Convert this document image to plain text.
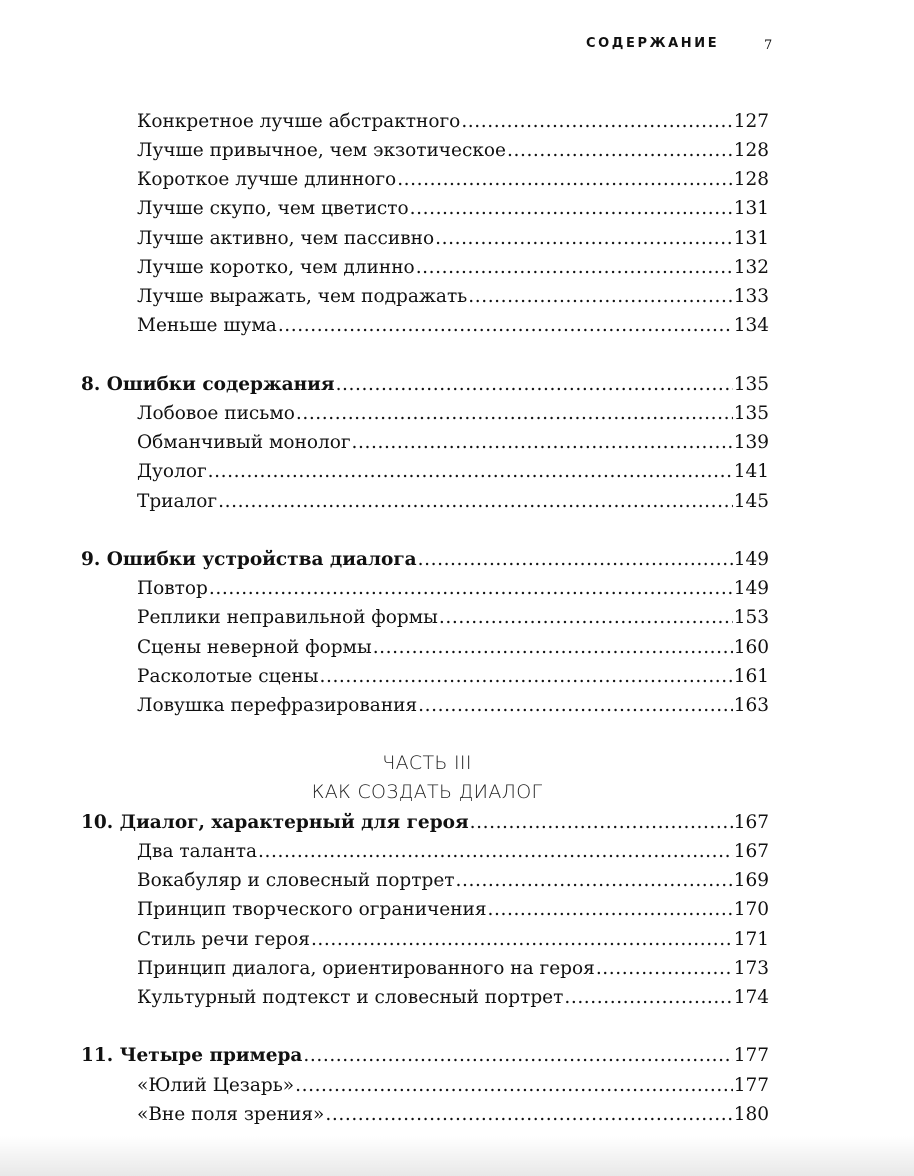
СОДЕРЖАНИЕ	7
Конкретное лучше абстрактного .....	127
Лучше привычное, чем экзотическое .....	128
Короткое лучше длинного .....	128
Лучше скупо, чем цветисто .....	131
Лучше активно, чем пассивно .....	131
Лучше коротко, чем длинно .....	132
Лучше выражать, чем подражать .....	133
Меньше шума .....	134
8. Ошибки содержания .....	135
Лобовое письмо .....	135
Обманчивый монолог .....	139
Дуолог .....	141
Триалог .....	145
9. Ошибки устройства диалога .....	149
Повтор .....	149
Реплики неправильной формы .....	153
Сцены неверной формы .....	160
Расколотые сцены .....	161
Ловушка перефразирования .....	163
ЧАСТЬ III
КАК СОЗДАТЬ ДИАЛОГ
10. Диалог, характерный для героя .....	167
Два таланта .....	167
Вокабуляр и словесный портрет .....	169
Принцип творческого ограничения .....	170
Стиль речи героя .....	171
Принцип диалога, ориентированного на героя .....	173
Культурный подтекст и словесный портрет .....	174
11. Четыре примера .....	177
«Юлий Цезарь» .....	177
«Вне поля зрения» .....	180
